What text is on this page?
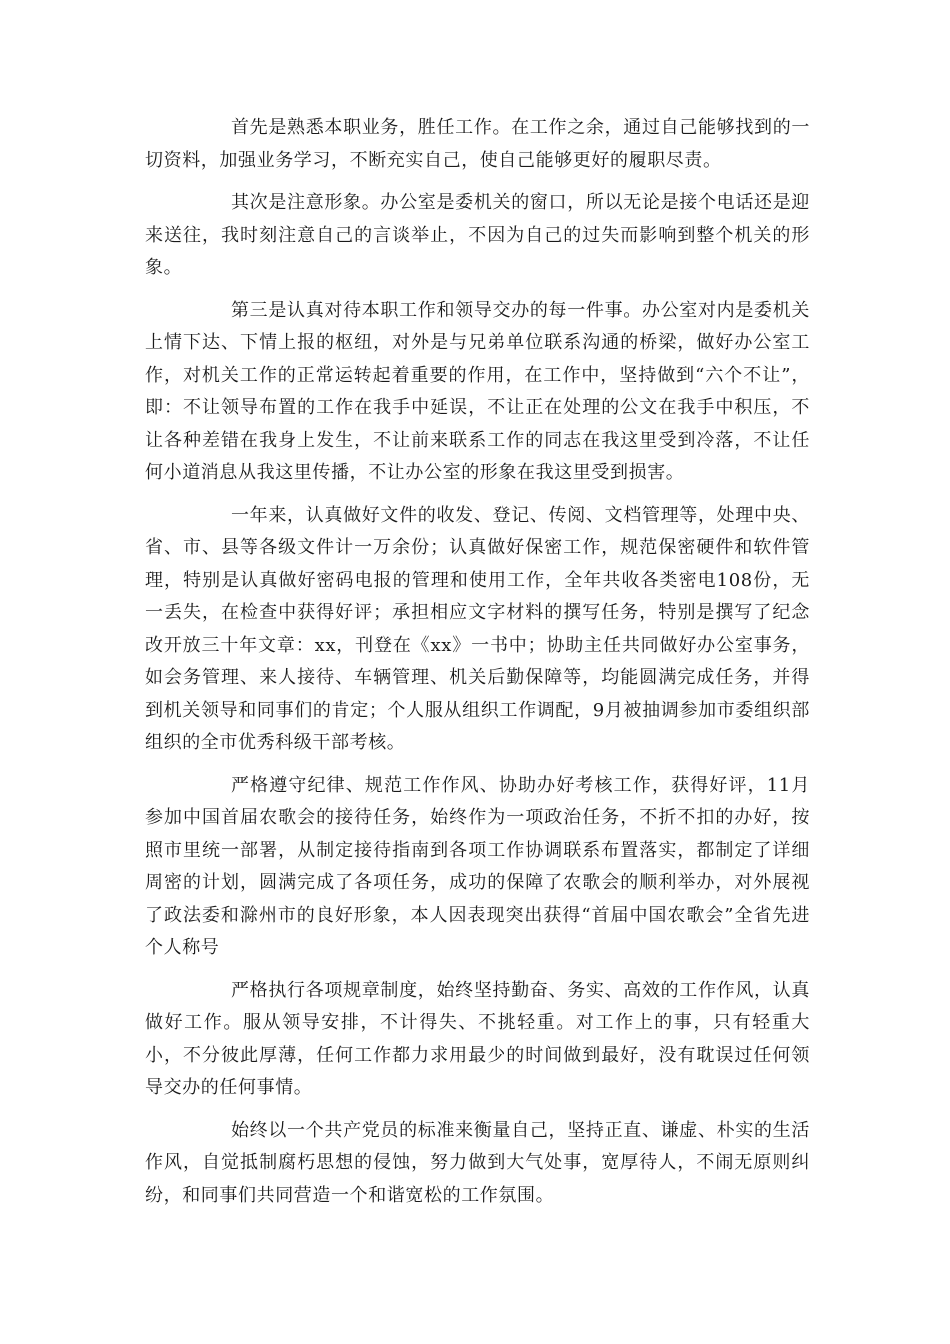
首先是熟悉本职业务，胜任工作。在工作之余，通过自己能够找到的一切资料，加强业务学习，不断充实自己，使自己能够更好的履职尽责。

其次是注意形象。办公室是委机关的窗口，所以无论是接个电话还是迎来送往，我时刻注意自己的言谈举止，不因为自己的过失而影响到整个机关的形象。

第三是认真对待本职工作和领导交办的每一件事。办公室对内是委机关上情下达、下情上报的枢纽，对外是与兄弟单位联系沟通的桥梁，做好办公室工作，对机关工作的正常运转起着重要的作用，在工作中，坚持做到“六个不让”，即：不让领导布置的工作在我手中延误，不让正在处理的公文在我手中积压，不让各种差错在我身上发生，不让前来联系工作的同志在我这里受到冷落，不让任何小道消息从我这里传播，不让办公室的形象在我这里受到损害。

一年来，认真做好文件的收发、登记、传阅、文档管理等，处理中央、省、市、县等各级文件计一万余份；认真做好保密工作，规范保密硬件和软件管理，特别是认真做好密码电报的管理和使用工作，全年共收各类密电108份，无一丢失，在检查中获得好评；承担相应文字材料的撰写任务，特别是撰写了纪念改开放三十年文章：xx，刊登在《xx》一书中；协助主任共同做好办公室事务，如会务管理、来人接待、车辆管理、机关后勤保障等，均能圆满完成任务，并得到机关领导和同事们的肯定；个人服从组织工作调配，9月被抽调参加市委组织部组织的全市优秀科级干部考核。

严格遵守纪律、规范工作作风、协助办好考核工作，获得好评，11月参加中国首届农歌会的接待任务，始终作为一项政治任务，不折不扣的办好，按照市里统一部署，从制定接待指南到各项工作协调联系布置落实，都制定了详细周密的计划，圆满完成了各项任务，成功的保障了农歌会的顺利举办，对外展视了政法委和滁州市的良好形象，本人因表现突出获得“首届中国农歌会”全省先进个人称号

严格执行各项规章制度，始终坚持勤奋、务实、高效的工作作风，认真做好工作。服从领导安排，不计得失、不挑轻重。对工作上的事，只有轻重大小，不分彼此厚薄，任何工作都力求用最少的时间做到最好，没有耽误过任何领导交办的任何事情。

始终以一个共产党员的标准来衡量自己，坚持正直、谦虚、朴实的生活作风，自觉抵制腐朽思想的侵蚀，努力做到大气处事，宽厚待人，不闹无原则纠纷，和同事们共同营造一个和谐宽松的工作氛围。
